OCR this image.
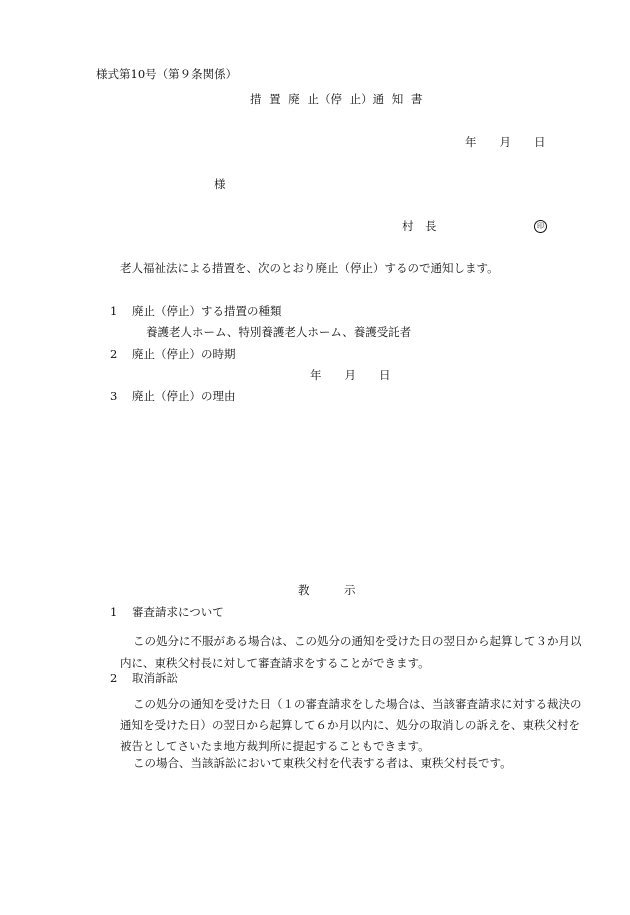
様式第10号（第９条関係）
措 置 廃 止（停 止）通 知 書
年　　月　　日
様
村　長	印
老人福祉法による措置を、次のとおり廃止（停止）するので通知します。
1 廃止（停止）する措置の種類
養護老人ホーム、特別養護老人ホーム、養護受託者
2 廃止（停止）の時期
年　　月　　日
3 廃止（停止）の理由
教　　　示
1 審査請求について
この処分に不服がある場合は、この処分の通知を受けた日の翌日から起算して３か月以内に、東秩父村長に対して審査請求をすることができます。
2 取消訴訟
この処分の通知を受けた日（１の審査請求をした場合は、当該審査請求に対する裁決の通知を受けた日）の翌日から起算して６か月以内に、処分の取消しの訴えを、東秩父村を被告としてさいたま地方裁判所に提起することもできます。
この場合、当該訴訟において東秩父村を代表する者は、東秩父村長です。
